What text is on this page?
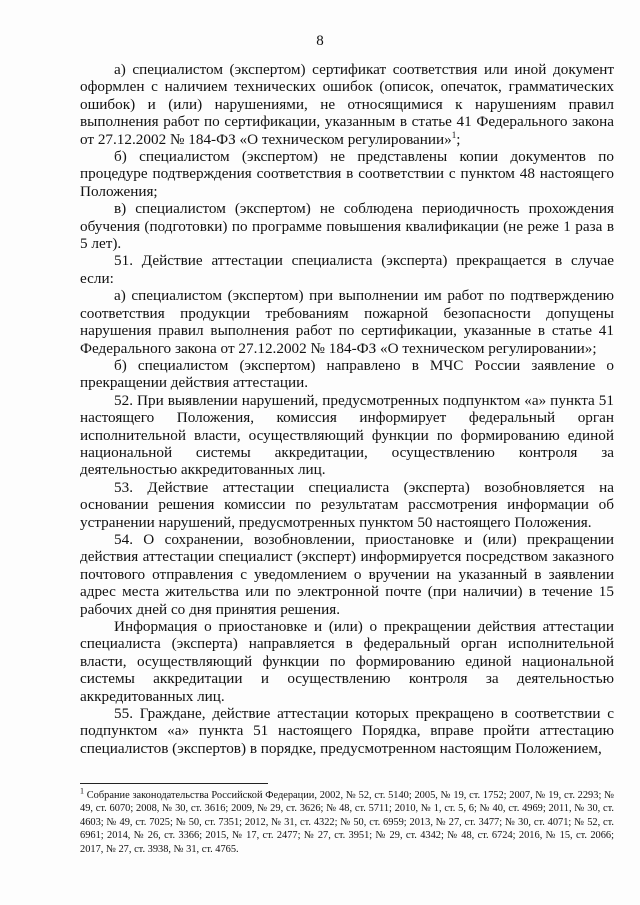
8

а) специалистом (экспертом) сертификат соответствия или иной документ оформлен с наличием технических ошибок (описок, опечаток, грамматических ошибок) и (или) нарушениями, не относящимися к нарушениям правил выполнения работ по сертификации, указанным в статье 41 Федерального закона от 27.12.2002 № 184-ФЗ «О техническом регулировании»$^1$;

б) специалистом (экспертом) не представлены копии документов по процедуре подтверждения соответствия в соответствии с пунктом 48 настоящего Положения;

в) специалистом (экспертом) не соблюдена периодичность прохождения обучения (подготовки) по программе повышения квалификации (не реже 1 раза в 5 лет).

51. Действие аттестации специалиста (эксперта) прекращается в случае если:

а) специалистом (экспертом) при выполнении им работ по подтверждению соответствия продукции требованиям пожарной безопасности допущены нарушения правил выполнения работ по сертификации, указанные в статье 41 Федерального закона от 27.12.2002 № 184-ФЗ «О техническом регулировании»;

б) специалистом (экспертом) направлено в МЧС России заявление о прекращении действия аттестации.

52. При выявлении нарушений, предусмотренных подпунктом «а» пункта 51 настоящего Положения, комиссия информирует федеральный орган исполнительной власти, осуществляющий функции по формированию единой национальной системы аккредитации, осуществлению контроля за деятельностью аккредитованных лиц.

53. Действие аттестации специалиста (эксперта) возобновляется на основании решения комиссии по результатам рассмотрения информации об устранении нарушений, предусмотренных пунктом 50 настоящего Положения.

54. О сохранении, возобновлении, приостановке и (или) прекращении действия аттестации специалист (эксперт) информируется посредством заказного почтового отправления с уведомлением о вручении на указанный в заявлении адрес места жительства или по электронной почте (при наличии) в течение 15 рабочих дней со дня принятия решения.

Информация о приостановке и (или) о прекращении действия аттестации специалиста (эксперта) направляется в федеральный орган исполнительной власти, осуществляющий функции по формированию единой национальной системы аккредитации и осуществлению контроля за деятельностью аккредитованных лиц.

55. Граждане, действие аттестации которых прекращено в соответствии с подпунктом «а» пункта 51 настоящего Порядка, вправе пройти аттестацию специалистов (экспертов) в порядке, предусмотренном настоящим Положением,

$^1$ Собрание законодательства Российской Федерации, 2002, № 52, ст. 5140; 2005, № 19, ст. 1752; 2007, № 19, ст. 2293; № 49, ст. 6070; 2008, № 30, ст. 3616; 2009, № 29, ст. 3626; № 48, ст. 5711; 2010, № 1, ст. 5, 6; № 40, ст. 4969; 2011, № 30, ст. 4603; № 49, ст. 7025; № 50, ст. 7351; 2012, № 31, ст. 4322; № 50, ст. 6959; 2013, № 27, ст. 3477; № 30, ст. 4071; № 52, ст. 6961; 2014, № 26, ст. 3366; 2015, № 17, ст. 2477; № 27, ст. 3951; № 29, ст. 4342; № 48, ст. 6724; 2016, № 15, ст. 2066; 2017, № 27, ст. 3938, № 31, ст. 4765.
